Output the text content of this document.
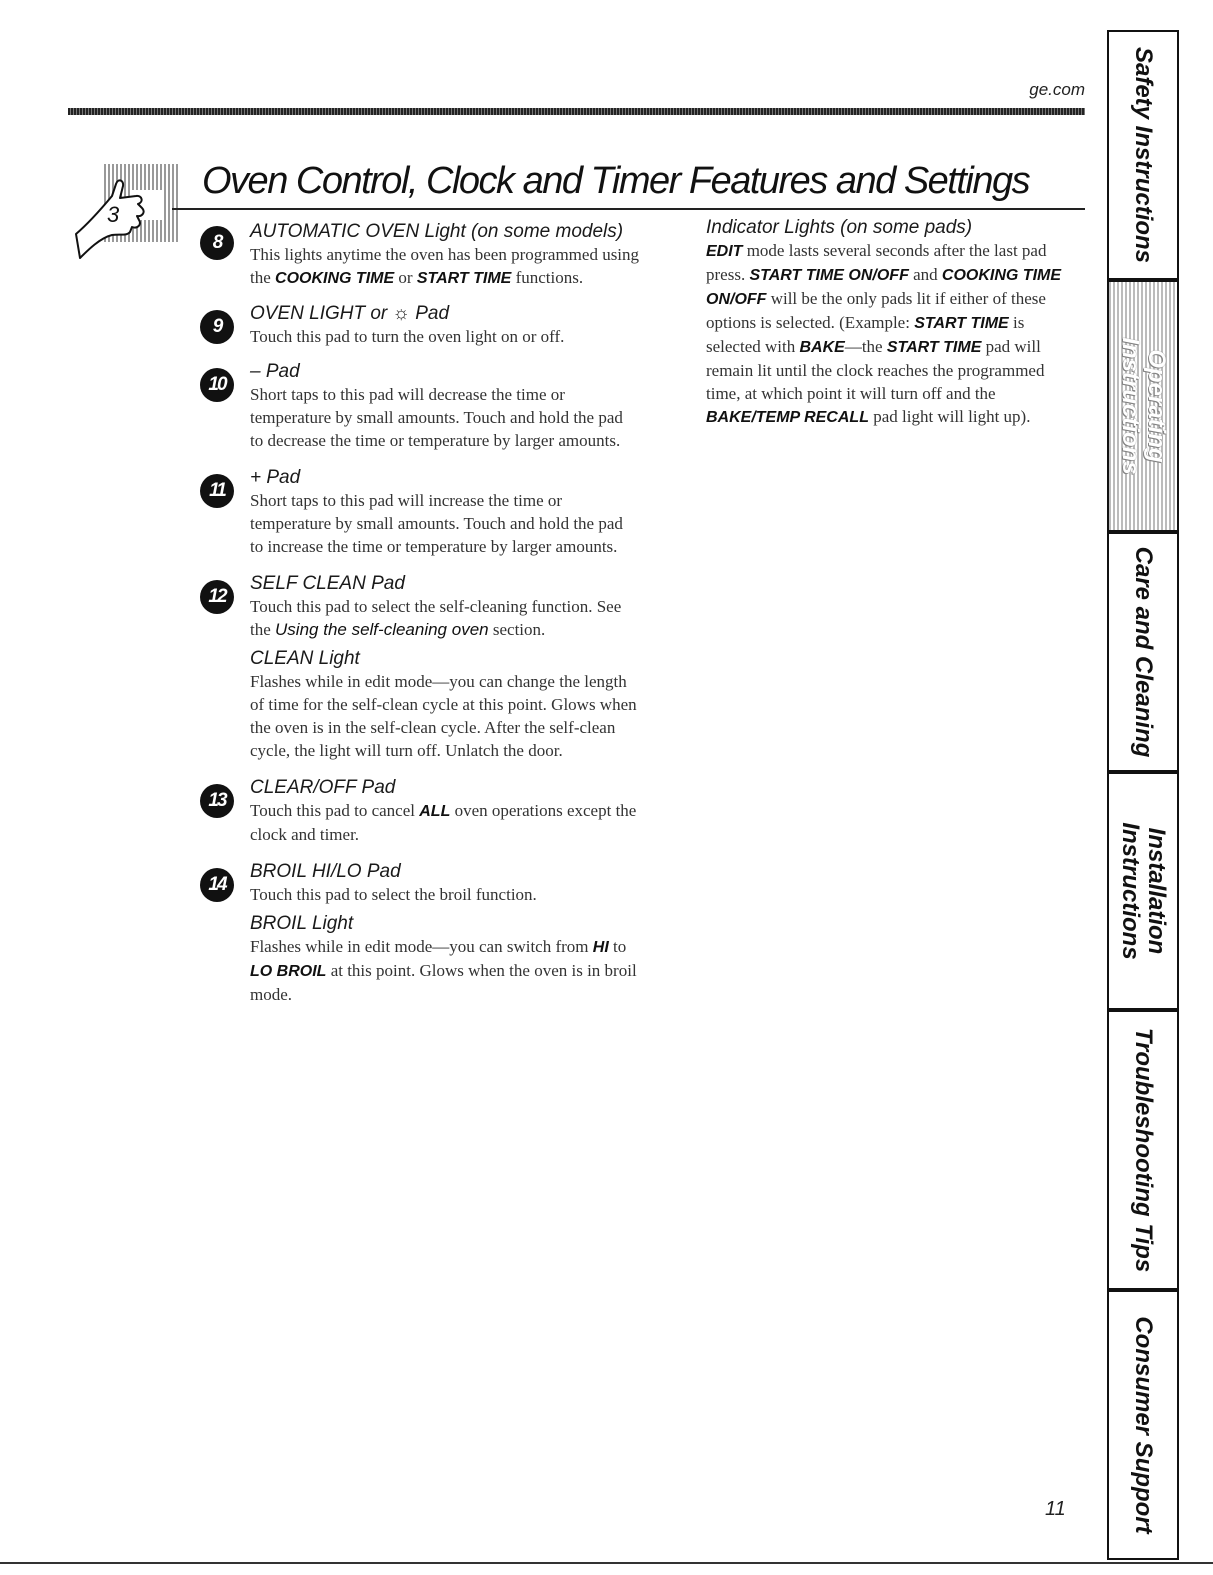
ge.com
3
Oven Control, Clock and Timer Features and Settings
8
AUTOMATIC OVEN Light (on some models)
This lights anytime the oven has been programmed using the COOKING TIME or START TIME functions.
9
OVEN LIGHT or ☼ Pad
Touch this pad to turn the oven light on or off.
10
– Pad
Short taps to this pad will decrease the time or temperature by small amounts. Touch and hold the pad to decrease the time or temperature by larger amounts.
11
+ Pad
Short taps to this pad will increase the time or temperature by small amounts. Touch and hold the pad to increase the time or temperature by larger amounts.
12
SELF CLEAN Pad
Touch this pad to select the self-cleaning function. See the Using the self-cleaning oven section.
CLEAN Light
Flashes while in edit mode—you can change the length of time for the self-clean cycle at this point. Glows when the oven is in the self-clean cycle. After the self-clean cycle, the light will turn off. Unlatch the door.
13
CLEAR/OFF Pad
Touch this pad to cancel ALL oven operations except the clock and timer.
14
BROIL HI/LO Pad
Touch this pad to select the broil function.
BROIL Light
Flashes while in edit mode—you can switch from HI to LO BROIL at this point. Glows when the oven is in broil mode.
Indicator Lights (on some pads)
EDIT mode lasts several seconds after the last pad press. START TIME ON/OFF and COOKING TIME ON/OFF will be the only pads lit if either of these options is selected. (Example: START TIME is selected with BAKE—the START TIME pad will remain lit until the clock reaches the programmed time, at which point it will turn off and the BAKE/TEMP RECALL pad light will light up).
Safety Instructions
Operating Instructions
Care and Cleaning
Installation Instructions
Troubleshooting Tips
Consumer Support
11
